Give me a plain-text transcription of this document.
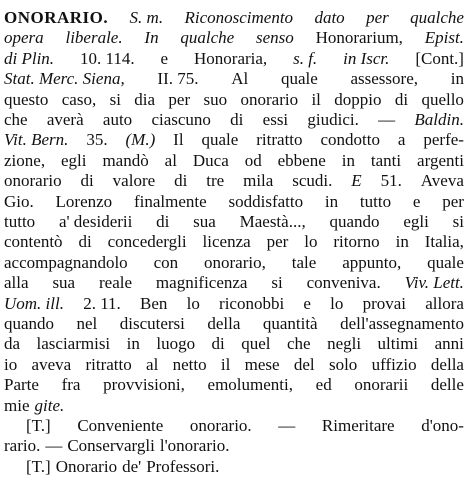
ONORARIO. S. m. Riconoscimento dato per qualche
opera liberale. In qualche senso Honorarium, Epist.
di Plin. 10. 114. e Honoraria, s. f. in Iscr. [Cont.]
Stat. Merc. Siena, II. 75. Al quale assessore, in
questo caso, si dia per suo onorario il doppio di quello
che averà auto ciascuno di essi giudici. — Baldin.
Vit. Bern. 35. (M.) Il quale ritratto condotto a perfe-
zione, egli mandò al Duca od ebbene in tanti argenti
onorario di valore di tre mila scudi. E 51. Aveva
Gio. Lorenzo finalmente soddisfatto in tutto e per
tutto a' desiderii di sua Maestà..., quando egli si
contentò di concedergli licenza per lo ritorno in Italia,
accompagnandolo con onorario, tale appunto, quale
alla sua reale magnificenza si conveniva. Viv. Lett.
Uom. ill. 2. 11. Ben lo riconobbi e lo provai allora
quando nel discutersi della quantità dell'assegnamento
da lasciarmisi in luogo di quel che negli ultimi anni
io aveva ritratto al netto il mese del solo uffizio della
Parte fra provvisioni, emolumenti, ed onorarii delle
mie gite.
[T.] Conveniente onorario. — Rimeritare d'ono-
rario. — Conservargli l'onorario.
[T.] Onorario de' Professori.
